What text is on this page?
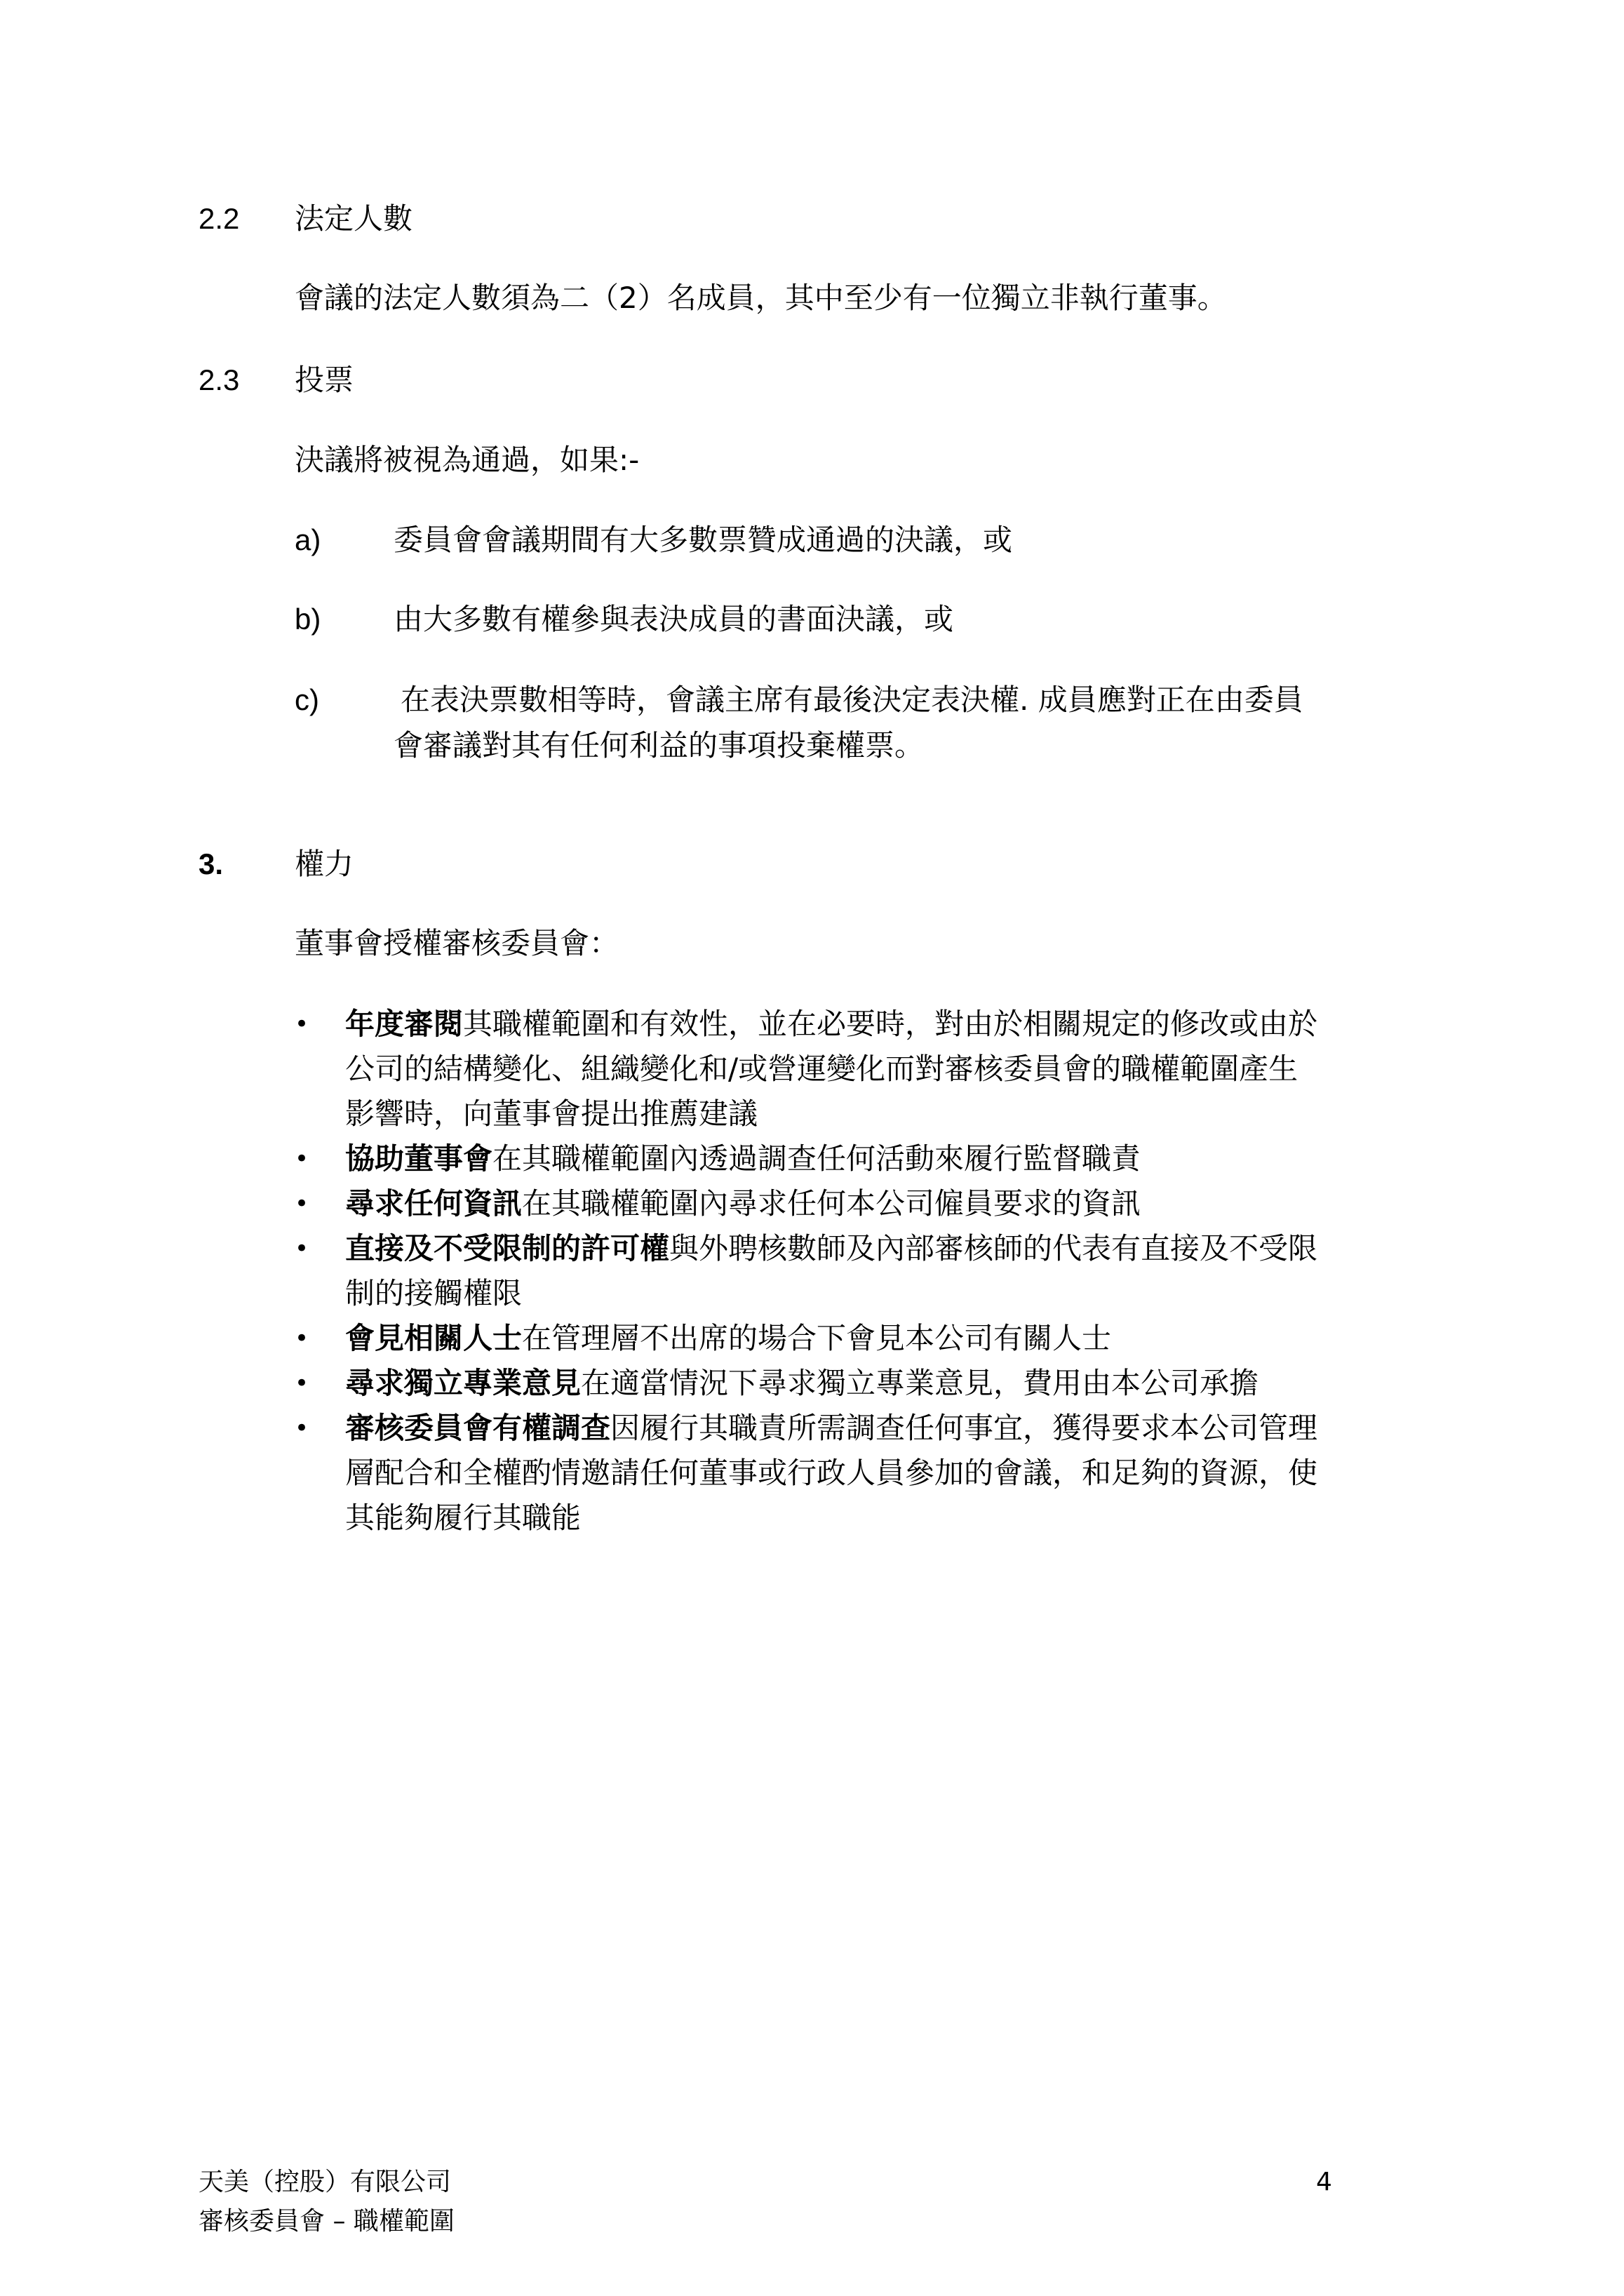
2.2 法定人數
會議的法定人數須為二（2）名成員，其中至少有一位獨立非執行董事。
2.3 投票
決議將被視為通過，如果:-
a) 委員會會議期間有大多數票贊成通過的決議，或
b) 由大多數有權參與表決成員的書面決議，或
c)	在表決票數相等時，會議主席有最後決定表決權. 成員應對正在由委員
會審議對其有任何利益的事項投棄權票。
3. 權力
董事會授權審核委員會：
• 年度審閱其職權範圍和有效性，並在必要時，對由於相關規定的修改或由於
公司的結構變化、組織變化和/或營運變化而對審核委員會的職權範圍產生
影響時，向董事會提出推薦建議
• 協助董事會在其職權範圍內透過調查任何活動來履行監督職責
• 尋求任何資訊在其職權範圍內尋求任何本公司僱員要求的資訊
• 直接及不受限制的許可權與外聘核數師及內部審核師的代表有直接及不受限
制的接觸權限
• 會見相關人士在管理層不出席的場合下會見本公司有關人士
• 尋求獨立專業意見在適當情況下尋求獨立專業意見，費用由本公司承擔
• 審核委員會有權調查因履行其職責所需調查任何事宜，獲得要求本公司管理
層配合和全權酌情邀請任何董事或行政人員參加的會議，和足夠的資源，使
其能夠履行其職能
天美（控股）有限公司
審核委員會 – 職權範圍
4
